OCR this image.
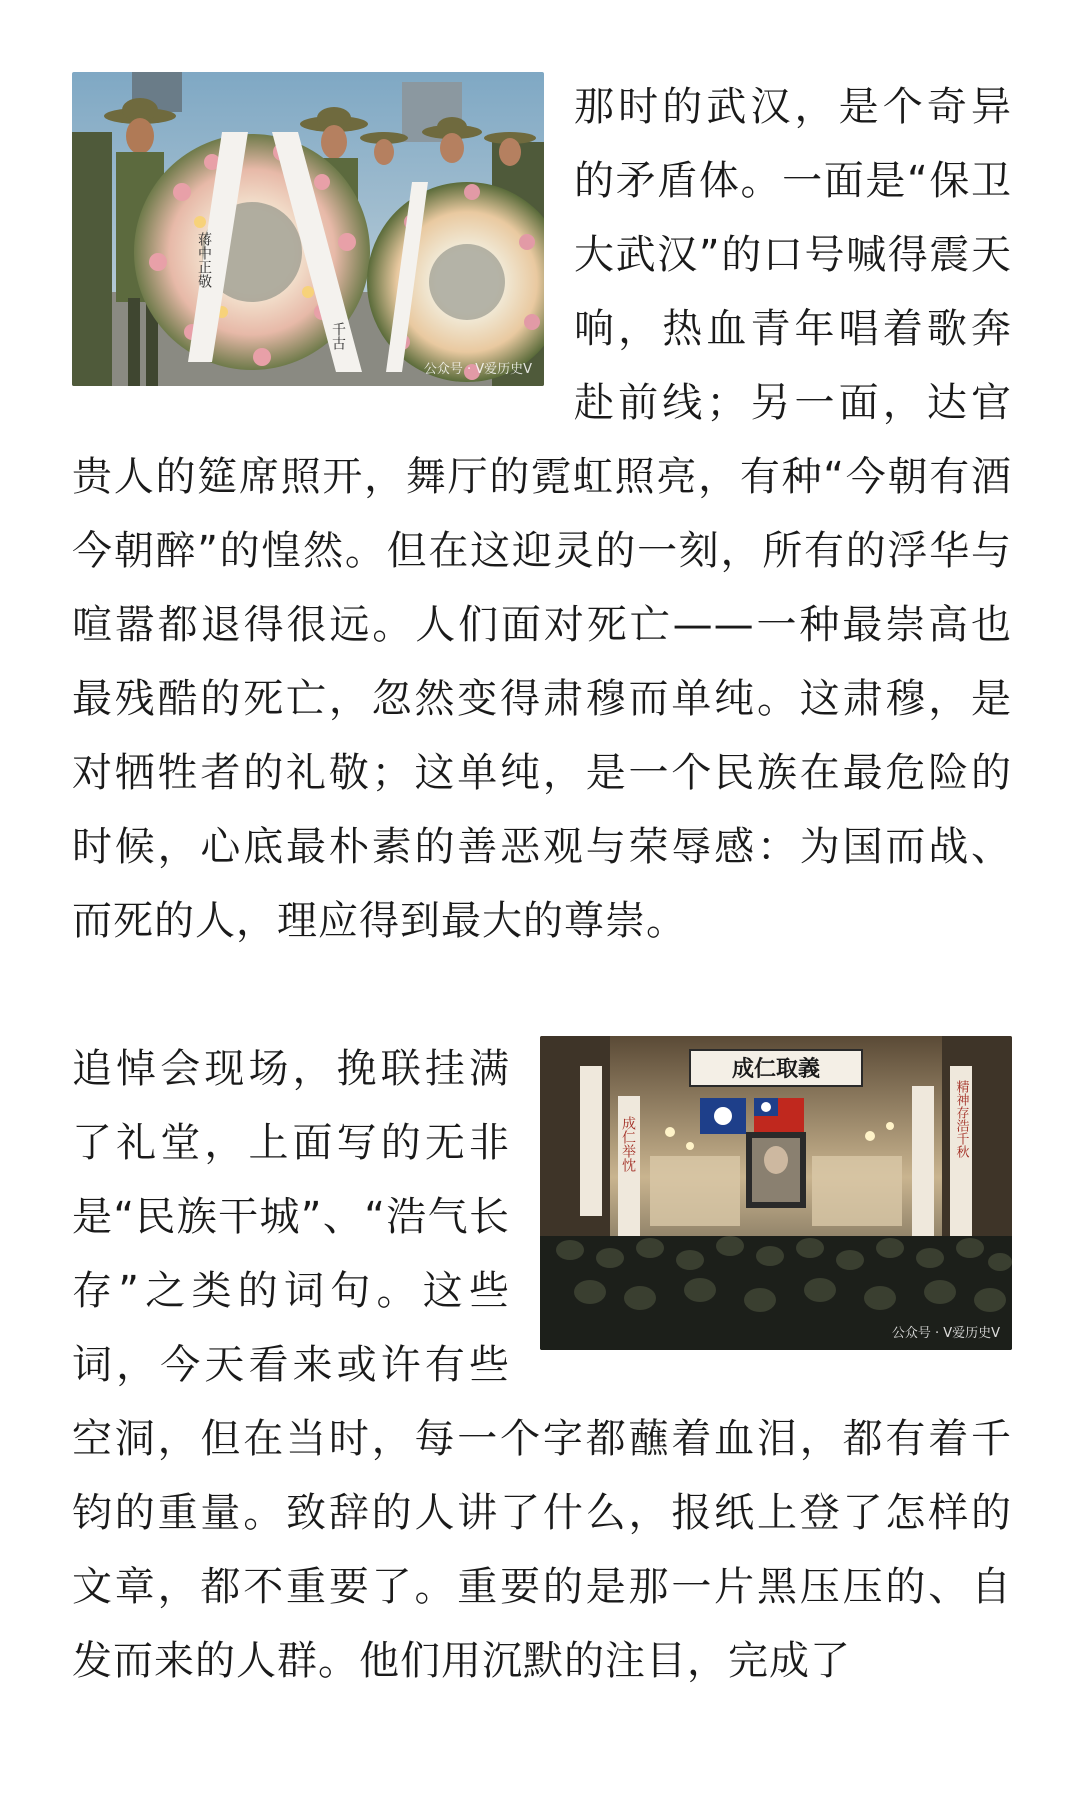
蒋中正敬
千古
公众号 · V爱历史V

那时的武汉，是个奇异的矛盾体。一面是“保卫大武汉”的口号喊得震天响，热血青年唱着歌奔赴前线；另一面，达官贵人的筵席照开，舞厅的霓虹照亮，有种“今朝有酒今朝醉”的惶然。但在这迎灵的一刻，所有的浮华与喧嚣都退得很远。人们面对死亡——一种最崇高也最残酷的死亡，忽然变得肃穆而单纯。这肃穆，是对牺牲者的礼敬；这单纯，是一个民族在最危险的时候，心底最朴素的善恶观与荣辱感：为国而战、而死的人，理应得到最大的尊崇。

成仁举忱	精神存浩千秋
成仁取義
公众号 · V爱历史V

追悼会现场，挽联挂满了礼堂，上面写的无非是“民族干城”、“浩气长存”之类的词句。这些词，今天看来或许有些空洞，但在当时，每一个字都蘸着血泪，都有着千钧的重量。致辞的人讲了什么，报纸上登了怎样的文章，都不重要了。重要的是那一片黑压压的、自发而来的人群。他们用沉默的注目，完成了
